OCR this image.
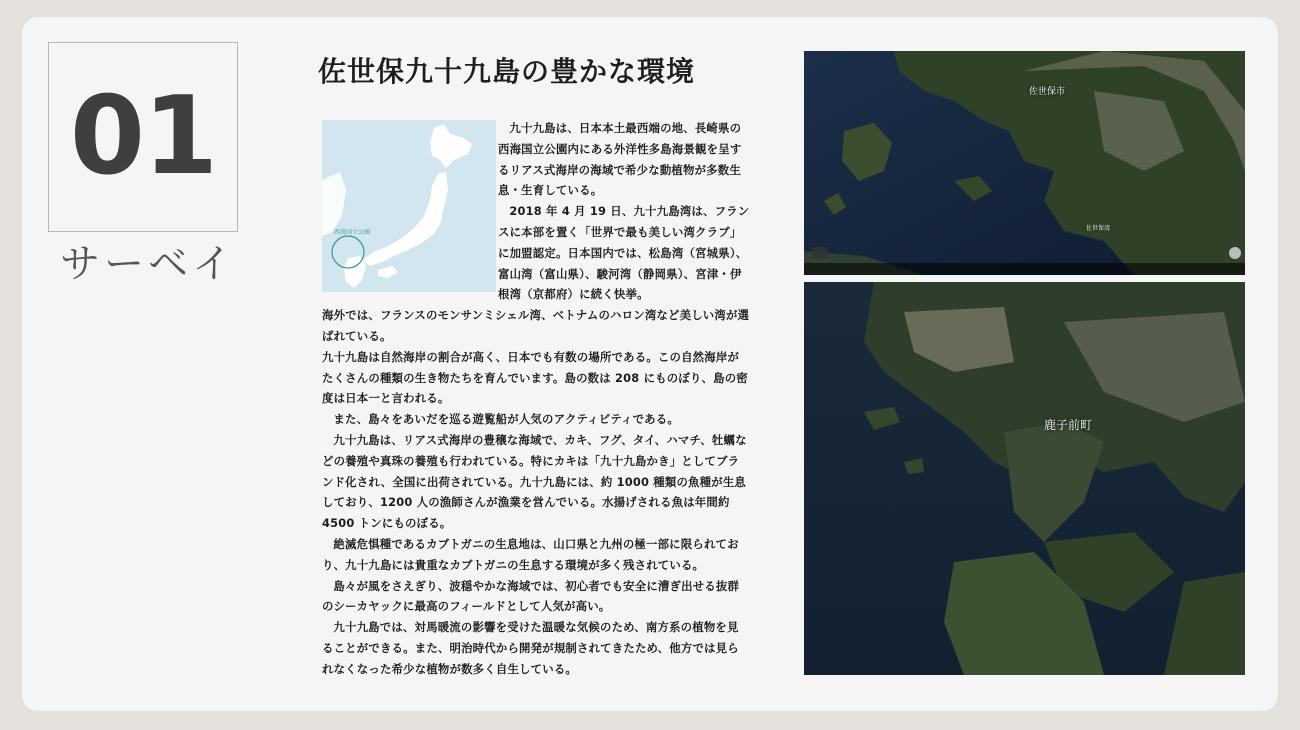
01
サーベイ
佐世保九十九島の豊かな環境
西海国立公園

九十九島は、日本本土最西端の地、長崎県の西海国立公園内にある外洋性多島海景観を呈するリアス式海岸の海域で希少な動植物が多数生息・生育している。

2018 年 4 月 19 日、九十九島湾は、フランスに本部を置く「世界で最も美しい湾クラブ」に加盟認定。日本国内では、松島湾（宮城県）、富山湾（富山県）、駿河湾（静岡県）、宮津・伊根湾（京都府）に続く快挙。

海外では、フランスのモンサンミシェル湾、ベトナムのハロン湾など美しい湾が選ばれている。

九十九島は自然海岸の割合が高く、日本でも有数の場所である。この自然海岸がたくさんの種類の生き物たちを育んでいます。島の数は 208 にものぼり、島の密度は日本一と言われる。

また、島々をあいだを巡る遊覧船が人気のアクティビティである。

九十九島は、リアス式海岸の豊穣な海域で、カキ、フグ、タイ、ハマチ、牡蠣などの養殖や真珠の養殖も行われている。特にカキは「九十九島かき」としてブランド化され、全国に出荷されている。九十九島には、約 1000 種類の魚種が生息しており、1200 人の漁師さんが漁業を営んでいる。水揚げされる魚は年間約 4500 トンにものぼる。

絶滅危惧種であるカブトガニの生息地は、山口県と九州の極一部に限られており、九十九島には貴重なカブトガニの生息する環境が多く残されている。

島々が風をさえぎり、波穏やかな海域では、初心者でも安全に漕ぎ出せる抜群のシーカヤックに最高のフィールドとして人気が高い。

九十九島では、対馬暖流の影響を受けた温暖な気候のため、南方系の植物を見ることができる。また、明治時代から開発が規制されてきたため、他方では見られなくなった希少な植物が数多く自生している。

佐世保市
佐世保湾
鹿子前町
